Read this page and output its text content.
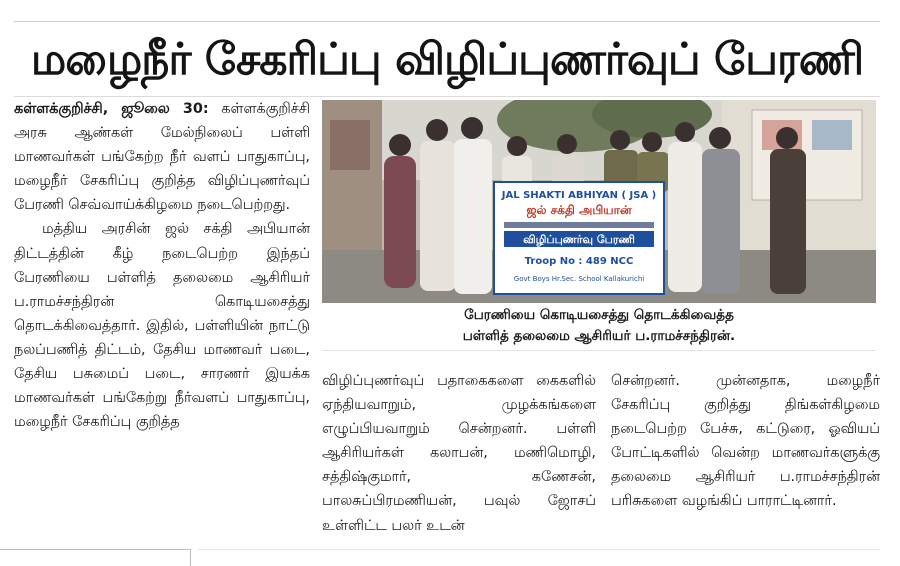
மழைநீர் சேகரிப்பு விழிப்புணர்வுப் பேரணி

கள்ளக்குறிச்சி, ஜூலை 30: கள்ளக்குறிச்சி அரசு ஆண்கள் மேல்நிலைப் பள்ளி மாணவர்கள் பங்கேற்ற நீர் வளப் பாதுகாப்பு, மழைநீர் சேகரிப்பு குறித்த விழிப்புணர்வுப் பேரணி செவ்வாய்க்கிழமை நடைபெற்றது.

மத்திய அரசின் ஜல் சக்தி அபியான் திட்டத்தின் கீழ் நடைபெற்ற இந்தப் பேரணியை பள்ளித் தலைமை ஆசிரியர் ப.ராமச்சந்திரன் கொடியசைத்து தொடக்கிவைத்தார். இதில், பள்ளியின் நாட்டு நலப்பணித் திட்டம், தேசிய மாணவர் படை, தேசிய பசுமைப் படை, சாரணர் இயக்க மாணவர்கள் பங்கேற்று நீர்வளப் பாதுகாப்பு, மழைநீர் சேகரிப்பு குறித்த

JAL SHAKTI ABHIYAN ( JSA )
ஜல் சக்தி அபியான்
விழிப்புணர்வு பேரணி
Troop No : 489 NCC
Govt Boys Hr.Sec. School Kallakurichi
பேரணியை கொடியசைத்து தொடக்கிவைத்த
பள்ளித் தலைமை ஆசிரியர் ப.ராமச்சந்திரன்.

விழிப்புணர்வுப் பதாகைகளை கைகளில் ஏந்தியவாறும், முழக்கங்களை எழுப்பியவாறும் சென்றனர். பள்ளி ஆசிரியர்கள் கலாபன், மணிமொழி, சத்திஷ்குமார், கணேசன், பாலசுப்பிரமணியன், பவுல் ஜோசப் உள்ளிட்ட பலர் உடன்

சென்றனர். முன்னதாக, மழைநீர் சேகரிப்பு குறித்து திங்கள்கிழமை நடைபெற்ற பேச்சு, கட்டுரை, ஓவியப் போட்டிகளில் வென்ற மாணவர்களுக்கு தலைமை ஆசிரியர் ப.ராமச்சந்திரன் பரிசுகளை வழங்கிப் பாராட்டினார்.
